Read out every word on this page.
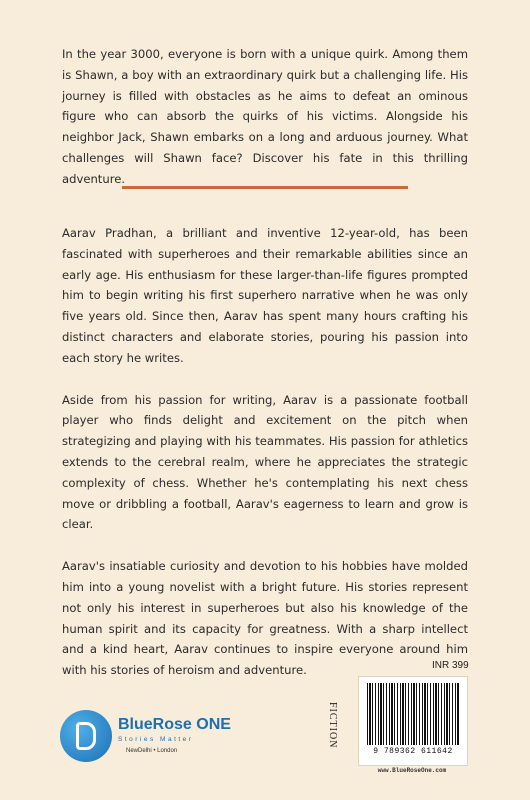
In the year 3000, everyone is born with a unique quirk. Among them is Shawn, a boy with an extraordinary quirk but a challenging life. His journey is filled with obstacles as he aims to defeat an ominous figure who can absorb the quirks of his victims. Alongside his neighbor Jack, Shawn embarks on a long and arduous journey. What challenges will Shawn face? Discover his fate in this thrilling adventure.

Aarav Pradhan, a brilliant and inventive 12-year-old, has been fascinated with superheroes and their remarkable abilities since an early age. His enthusiasm for these larger-than-life figures prompted him to begin writing his first superhero narrative when he was only five years old. Since then, Aarav has spent many hours crafting his distinct characters and elaborate stories, pouring his passion into each story he writes.

Aside from his passion for writing, Aarav is a passionate football player who finds delight and excitement on the pitch when strategizing and playing with his teammates. His passion for athletics extends to the cerebral realm, where he appreciates the strategic complexity of chess. Whether he's contemplating his next chess move or dribbling a football, Aarav's eagerness to learn and grow is clear.

Aarav's insatiable curiosity and devotion to his hobbies have molded him into a young novelist with a bright future. His stories represent not only his interest in superheroes but also his knowledge of the human spirit and its capacity for greatness. With a sharp intellect and a kind heart, Aarav continues to inspire everyone around him with his stories of heroism and adventure.

BlueRose ONE
Stories Matter
NewDelhi • London
INR 399
FICTION
9 789362 611642
www.BlueRoseOne.com
